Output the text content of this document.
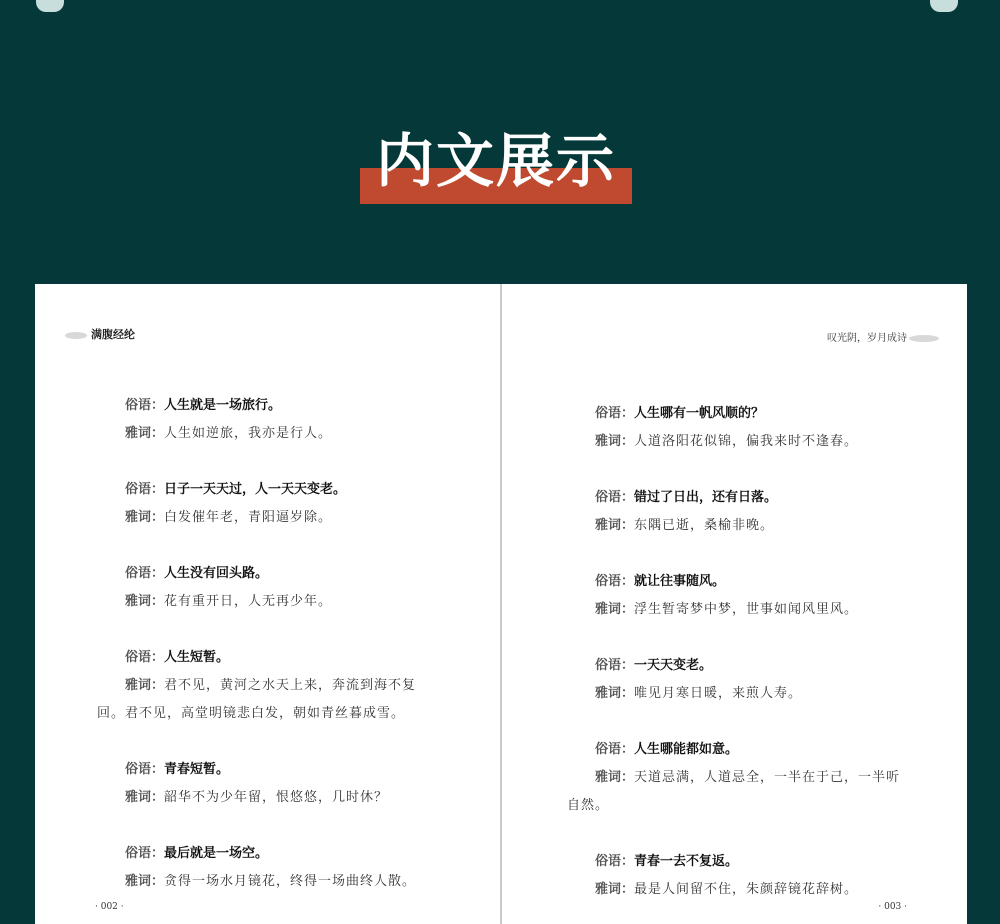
内文展示
满腹经纶
俗语：人生就是一场旅行。
雅词：人生如逆旅，我亦是行人。
俗语：日子一天天过，人一天天变老。
雅词：白发催年老，青阳逼岁除。
俗语：人生没有回头路。
雅词：花有重开日，人无再少年。
俗语：人生短暂。
雅词：君不见，黄河之水天上来，奔流到海不复
回。君不见，高堂明镜悲白发，朝如青丝暮成雪。
俗语：青春短暂。
雅词：韶华不为少年留，恨悠悠，几时休？
俗语：最后就是一场空。
雅词：贪得一场水月镜花，终得一场曲终人散。
· 002 ·
叹光阴，岁月成诗
俗语：人生哪有一帆风顺的？
雅词：人道洛阳花似锦，偏我来时不逢春。
俗语：错过了日出，还有日落。
雅词：东隅已逝，桑榆非晚。
俗语：就让往事随风。
雅词：浮生暂寄梦中梦，世事如闻风里风。
俗语：一天天变老。
雅词：唯见月寒日暖，来煎人寿。
俗语：人生哪能都如意。
雅词：天道忌满，人道忌全，一半在于己，一半听
自然。
俗语：青春一去不复返。
雅词：最是人间留不住，朱颜辞镜花辞树。
· 003 ·
